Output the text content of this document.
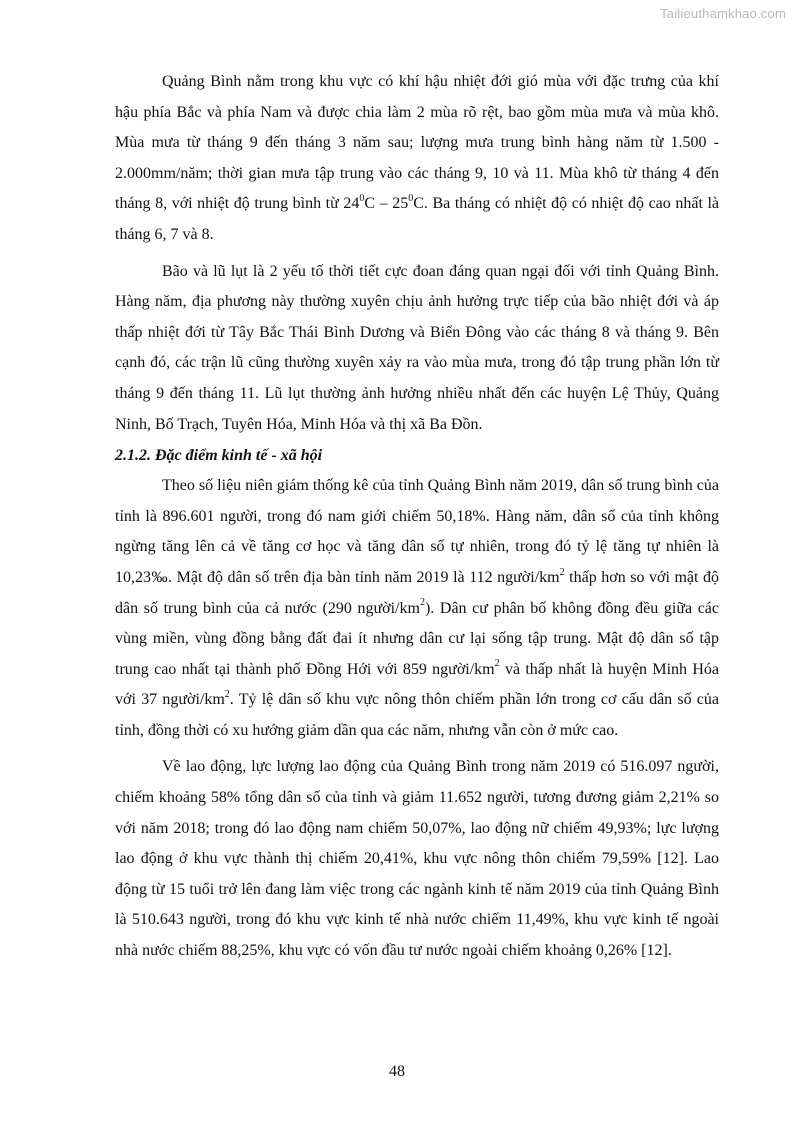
Tailieuthamkhao.com

Quảng Bình nằm trong khu vực có khí hậu nhiệt đới gió mùa với đặc trưng của khí hậu phía Bắc và phía Nam và được chia làm 2 mùa rõ rệt, bao gồm mùa mưa và mùa khô. Mùa mưa từ tháng 9 đến tháng 3 năm sau; lượng mưa trung bình hàng năm từ 1.500 - 2.000mm/năm; thời gian mưa tập trung vào các tháng 9, 10 và 11. Mùa khô từ tháng 4 đến tháng 8, với nhiệt độ trung bình từ $24^0C - 25^0C$. Ba tháng có nhiệt độ có nhiệt độ cao nhất là tháng 6, 7 và 8.

Bão và lũ lụt là 2 yếu tố thời tiết cực đoan đáng quan ngại đối với tỉnh Quảng Bình. Hàng năm, địa phương này thường xuyên chịu ảnh hưởng trực tiếp của bão nhiệt đới và áp thấp nhiệt đới từ Tây Bắc Thái Bình Dương và Biển Đông vào các tháng 8 và tháng 9. Bên cạnh đó, các trận lũ cũng thường xuyên xảy ra vào mùa mưa, trong đó tập trung phần lớn từ tháng 9 đến tháng 11. Lũ lụt thường ảnh hưởng nhiều nhất đến các huyện Lệ Thủy, Quảng Ninh, Bố Trạch, Tuyên Hóa, Minh Hóa và thị xã Ba Đồn.

2.1.2. Đặc điểm kinh tế - xã hội

Theo số liệu niên giám thống kê của tỉnh Quảng Bình năm 2019, dân số trung bình của tỉnh là 896.601 người, trong đó nam giới chiếm 50,18%. Hàng năm, dân số của tỉnh không ngừng tăng lên cả về tăng cơ học và tăng dân số tự nhiên, trong đó tỷ lệ tăng tự nhiên là 10,23‰. Mật độ dân số trên địa bàn tỉnh năm 2019 là 112 người/$km^2$ thấp hơn so với mật độ dân số trung bình của cả nước (290 người/$km^2$). Dân cư phân bố không đồng đều giữa các vùng miền, vùng đồng bằng đất đai ít nhưng dân cư lại sống tập trung. Mật độ dân số tập trung cao nhất tại thành phố Đồng Hới với 859 người/$km^2$ và thấp nhất là huyện Minh Hóa với 37 người/$km^2$. Tỷ lệ dân số khu vực nông thôn chiếm phần lớn trong cơ cấu dân số của tỉnh, đồng thời có xu hướng giảm dần qua các năm, nhưng vẫn còn ở mức cao.

Về lao động, lực lượng lao động của Quảng Bình trong năm 2019 có 516.097 người, chiếm khoảng 58% tổng dân số của tỉnh và giảm 11.652 người, tương đương giảm 2,21% so với năm 2018; trong đó lao động nam chiếm 50,07%, lao động nữ chiếm 49,93%; lực lượng lao động ở khu vực thành thị chiếm 20,41%, khu vực nông thôn chiếm 79,59% [12]. Lao động từ 15 tuổi trở lên đang làm việc trong các ngành kinh tế năm 2019 của tỉnh Quảng Bình là 510.643 người, trong đó khu vực kinh tế nhà nước chiếm 11,49%, khu vực kinh tế ngoài nhà nước chiếm 88,25%, khu vực có vốn đầu tư nước ngoài chiếm khoảng 0,26% [12].

48
